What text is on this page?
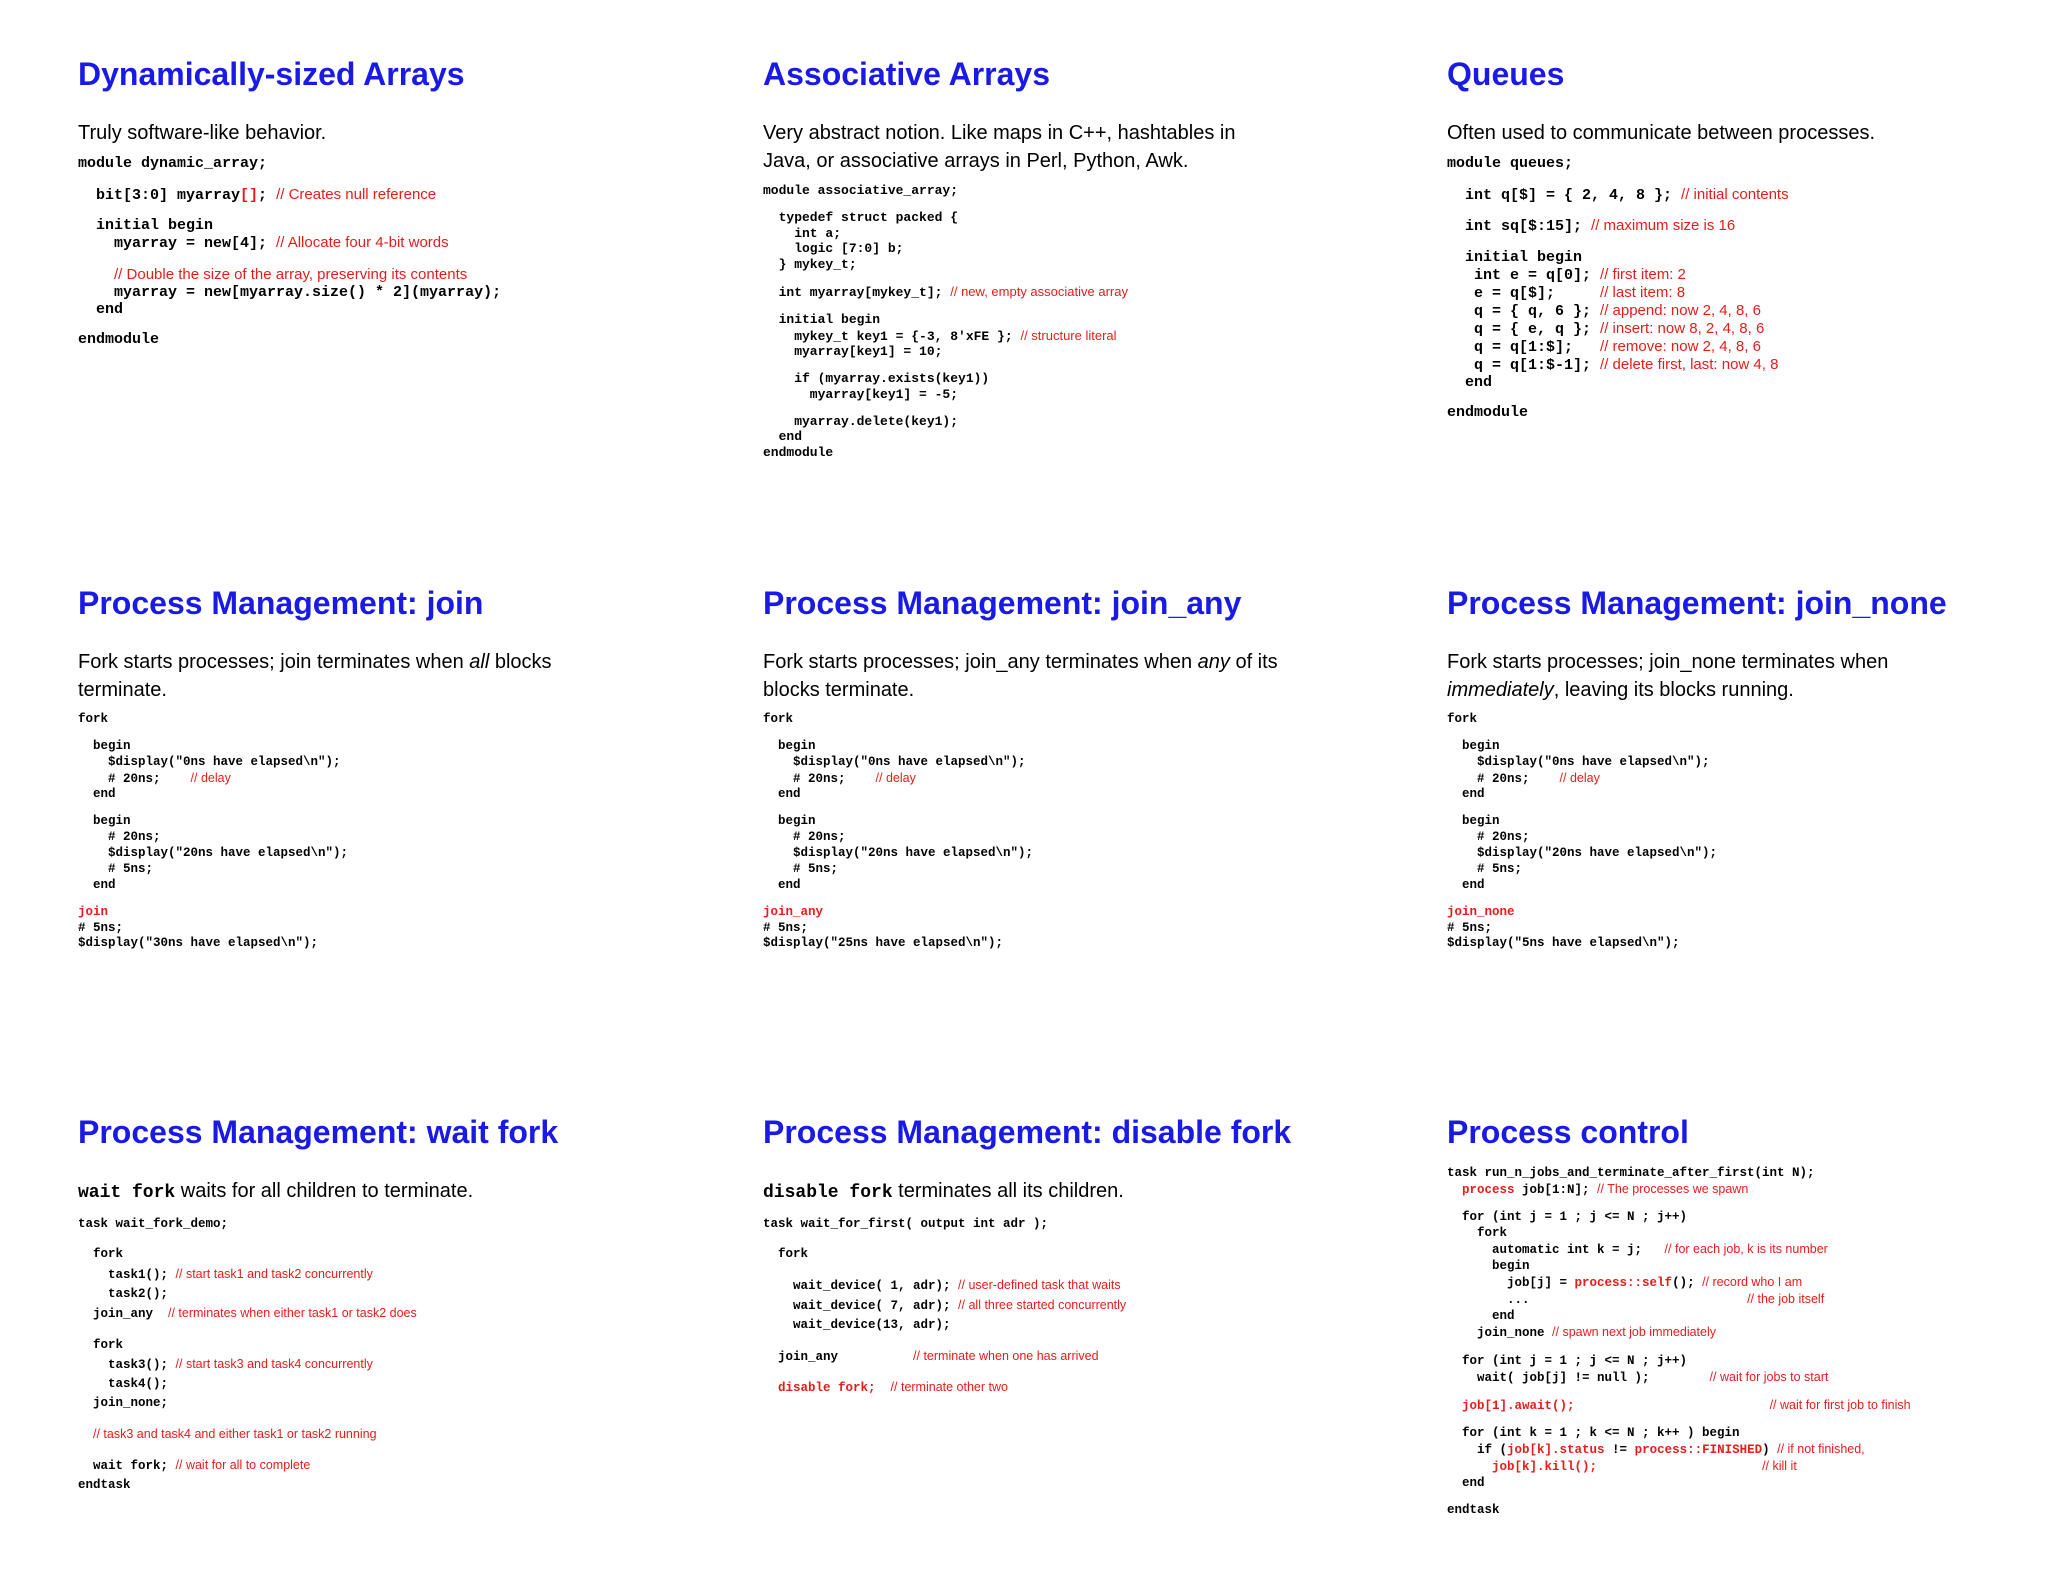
Dynamically-sized Arrays
Truly software-like behavior.
module dynamic_array;

bit[3:0] myarray[]; // Creates null reference

initial begin
myarray = new[4]; // Allocate four 4-bit words

// Double the size of the array, preserving its contents
myarray = new[myarray.size() * 2](myarray);
end

endmodule

Associative Arrays
Very abstract notion. Like maps in C++, hashtables in Java, or associative arrays in Perl, Python, Awk.
module associative_array;

typedef struct packed {
int a;
logic [7:0] b;
} mykey_t;

int myarray[mykey_t]; // new, empty associative array

initial begin
mykey_t key1 = {-3, 8'xFE }; // structure literal
myarray[key1] = 10;

if (myarray.exists(key1))
myarray[key1] = -5;

myarray.delete(key1);
end
endmodule

Queues
Often used to communicate between processes.
module queues;

int q[$] = { 2, 4, 8 }; // initial contents

int sq[$:15]; // maximum size is 16

initial begin
int e = q[0]; // first item: 2
e = q[$];     // last item: 8
q = { q, 6 }; // append: now 2, 4, 8, 6
q = { e, q }; // insert: now 8, 2, 4, 8, 6
q = q[1:$];   // remove: now 2, 4, 8, 6
q = q[1:$-1]; // delete first, last: now 4, 8
end

endmodule

Process Management: join
Fork starts processes; join terminates when all blocks terminate.
fork

begin
$display("0ns have elapsed\n");
# 20ns;    // delay
end

begin
# 20ns;
$display("20ns have elapsed\n");
# 5ns;
end

join
# 5ns;
$display("30ns have elapsed\n");

Process Management: join_any
Fork starts processes; join_any terminates when any of its blocks terminate.
fork

begin
$display("0ns have elapsed\n");
# 20ns;    // delay
end

begin
# 20ns;
$display("20ns have elapsed\n");
# 5ns;
end

join_any
# 5ns;
$display("25ns have elapsed\n");

Process Management: join_none
Fork starts processes; join_none terminates when immediately, leaving its blocks running.
fork

begin
$display("0ns have elapsed\n");
# 20ns;    // delay
end

begin
# 20ns;
$display("20ns have elapsed\n");
# 5ns;
end

join_none
# 5ns;
$display("5ns have elapsed\n");

Process Management: wait fork
wait fork waits for all children to terminate.
task wait_fork_demo;

fork
task1(); // start task1 and task2 concurrently
task2();
join_any  // terminates when either task1 or task2 does

fork
task3(); // start task3 and task4 concurrently
task4();
join_none;

// task3 and task4 and either task1 or task2 running

wait fork; // wait for all to complete
endtask

Process Management: disable fork
disable fork terminates all its children.
task wait_for_first( output int adr );

fork

wait_device( 1, adr); // user-defined task that waits
wait_device( 7, adr); // all three started concurrently
wait_device(13, adr);

join_any          // terminate when one has arrived

disable fork; // terminate other two

Process control
task run_n_jobs_and_terminate_after_first(int N);
process job[1:N]; // The processes we spawn

for (int j = 1 ; j <= N ; j++)
fork
automatic int k = j;   // for each job, k is its number
begin
job[j] = process::self(); // record who I am
...                             // the job itself
end
join_none // spawn next job immediately

for (int j = 1 ; j <= N ; j++)
wait( job[j] != null );        // wait for jobs to start

job[1].await();	// wait for first job to finish

for (int k = 1 ; k <= N ; k++ ) begin
if (job[k].status != process::FINISHED) // if not finished,
job[k].kill();	// kill it
end

endtask
